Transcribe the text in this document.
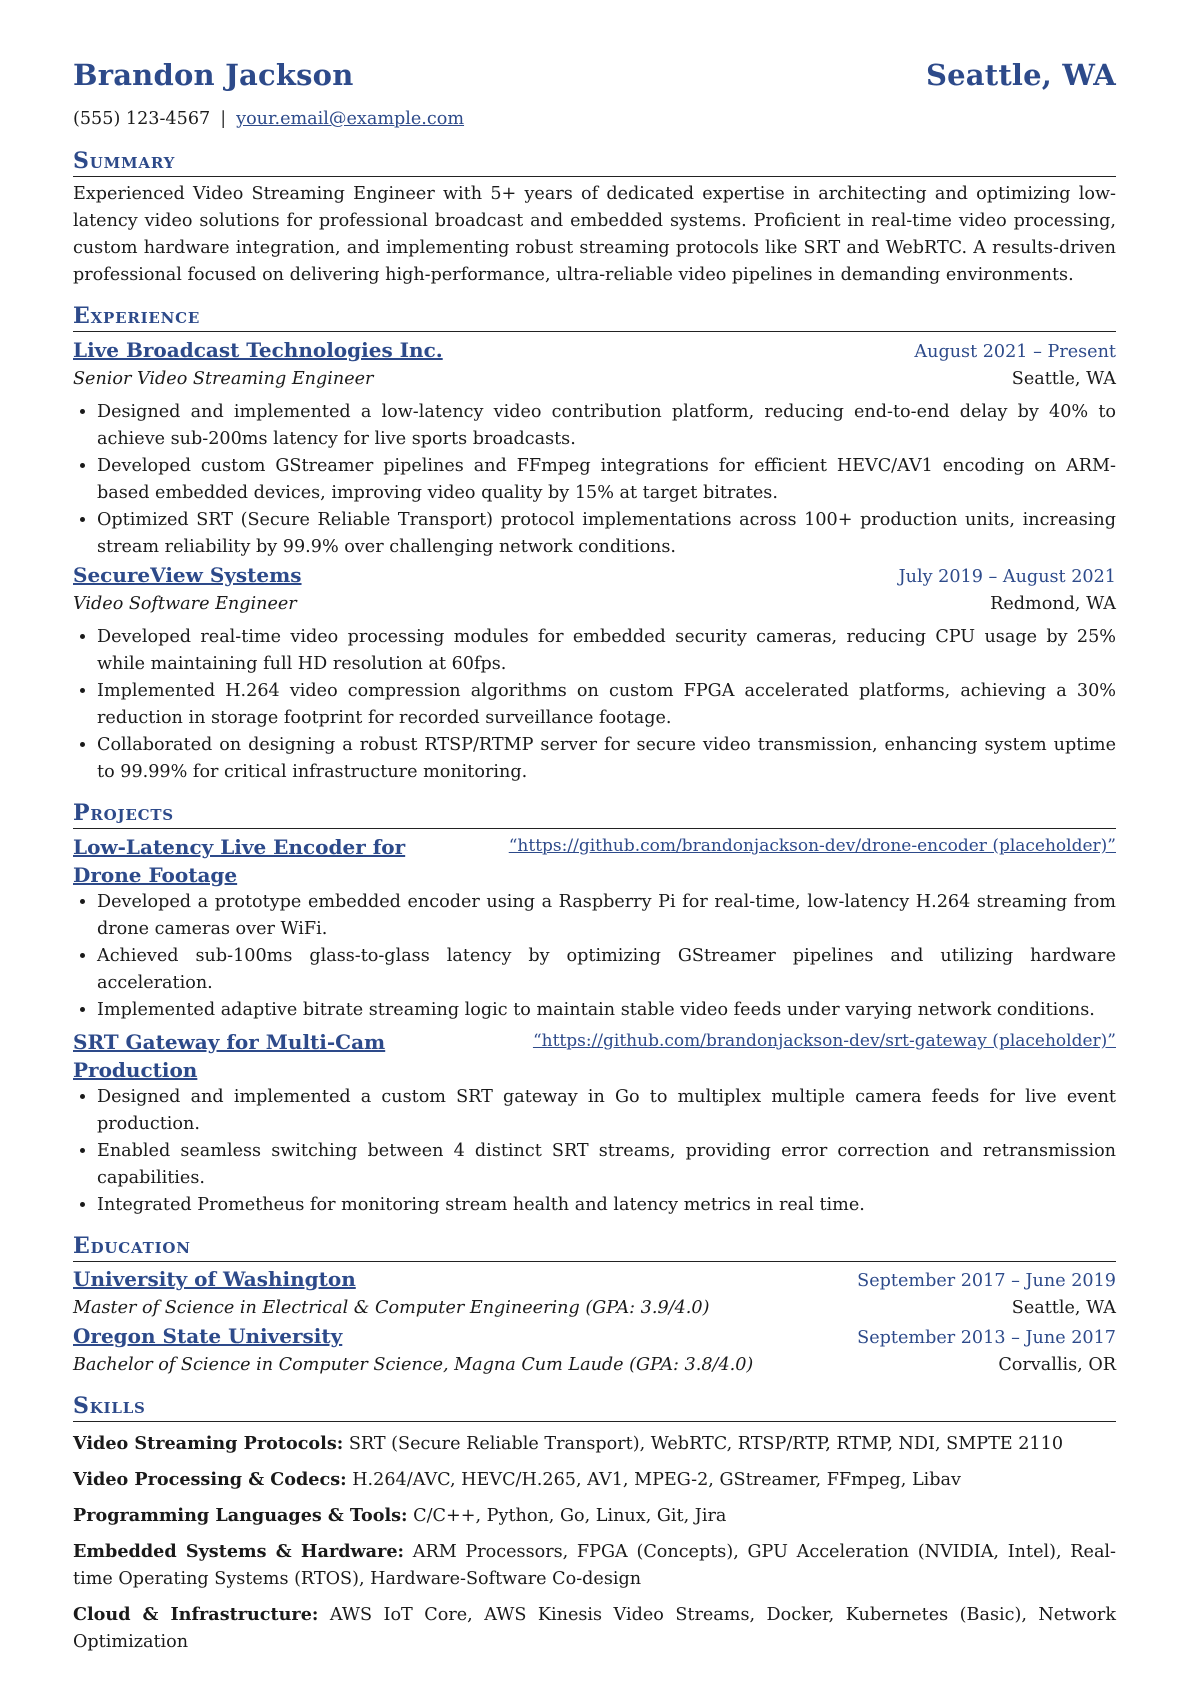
Brandon Jackson	Seattle, WA
(555) 123-4567 | your.email@example.com
Summary
Experienced Video Streaming Engineer with 5+ years of dedicated expertise in architecting and optimizing low-latency video solutions for professional broadcast and embedded systems. Proficient in real-time video processing, custom hardware integration, and implementing robust streaming protocols like SRT and WebRTC. A results-driven professional focused on delivering high-performance, ultra-reliable video pipelines in demanding environments.
Experience
Live Broadcast Technologies Inc.	August 2021 – Present
Senior Video Streaming Engineer	Seattle, WA
• Designed and implemented a low-latency video contribution platform, reducing end-to-end delay by 40% to achieve sub-200ms latency for live sports broadcasts.
• Developed custom GStreamer pipelines and FFmpeg integrations for efficient HEVC/AV1 encoding on ARM-based embedded devices, improving video quality by 15% at target bitrates.
• Optimized SRT (Secure Reliable Transport) protocol implementations across 100+ production units, increasing stream reliability by 99.9% over challenging network conditions.
SecureView Systems	July 2019 – August 2021
Video Software Engineer	Redmond, WA
• Developed real-time video processing modules for embedded security cameras, reducing CPU usage by 25% while maintaining full HD resolution at 60fps.
• Implemented H.264 video compression algorithms on custom FPGA accelerated platforms, achieving a 30% reduction in storage footprint for recorded surveillance footage.
• Collaborated on designing a robust RTSP/RTMP server for secure video transmission, enhancing system uptime to 99.99% for critical infrastructure monitoring.
Projects
Low-Latency Live Encoder for Drone Footage
“https://github.com/brandonjackson-dev/drone-encoder (placeholder)”
• Developed a prototype embedded encoder using a Raspberry Pi for real-time, low-latency H.264 streaming from drone cameras over WiFi.
• Achieved sub-100ms glass-to-glass latency by optimizing GStreamer pipelines and utilizing hardware acceleration.
• Implemented adaptive bitrate streaming logic to maintain stable video feeds under varying network conditions.
SRT Gateway for Multi-Cam Production
“https://github.com/brandonjackson-dev/srt-gateway (placeholder)”
• Designed and implemented a custom SRT gateway in Go to multiplex multiple camera feeds for live event production.
• Enabled seamless switching between 4 distinct SRT streams, providing error correction and retransmission capabilities.
• Integrated Prometheus for monitoring stream health and latency metrics in real time.
Education
University of Washington	September 2017 – June 2019
Master of Science in Electrical & Computer Engineering (GPA: 3.9/4.0)	Seattle, WA
Oregon State University	September 2013 – June 2017
Bachelor of Science in Computer Science, Magna Cum Laude (GPA: 3.8/4.0)	Corvallis, OR
Skills
Video Streaming Protocols: SRT (Secure Reliable Transport), WebRTC, RTSP/RTP, RTMP, NDI, SMPTE 2110
Video Processing & Codecs: H.264/AVC, HEVC/H.265, AV1, MPEG-2, GStreamer, FFmpeg, Libav
Programming Languages & Tools: C/C++, Python, Go, Linux, Git, Jira
Embedded Systems & Hardware: ARM Processors, FPGA (Concepts), GPU Acceleration (NVIDIA, Intel), Real-time Operating Systems (RTOS), Hardware-Software Co-design
Cloud & Infrastructure: AWS IoT Core, AWS Kinesis Video Streams, Docker, Kubernetes (Basic), Network Optimization
